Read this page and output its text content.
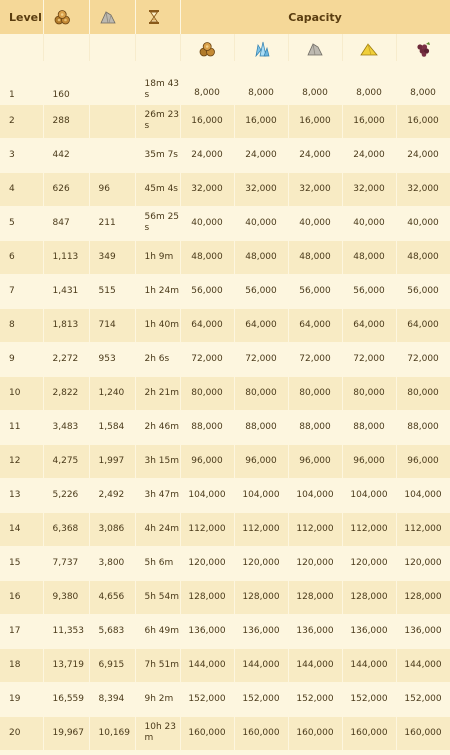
Level				Capacity				

1	160		18m 43s	8,000	8,000	8,000	8,000	8,000
2	288		26m 23s	16,000	16,000	16,000	16,000	16,000
3	442		35m 7s	24,000	24,000	24,000	24,000	24,000
4	626	96	45m 4s	32,000	32,000	32,000	32,000	32,000
5	847	211	56m 25s	40,000	40,000	40,000	40,000	40,000
6	1,113	349	1h 9m	48,000	48,000	48,000	48,000	48,000
7	1,431	515	1h 24m	56,000	56,000	56,000	56,000	56,000
8	1,813	714	1h 40m	64,000	64,000	64,000	64,000	64,000
9	2,272	953	2h 6s	72,000	72,000	72,000	72,000	72,000
10	2,822	1,240	2h 21m	80,000	80,000	80,000	80,000	80,000
11	3,483	1,584	2h 46m	88,000	88,000	88,000	88,000	88,000
12	4,275	1,997	3h 15m	96,000	96,000	96,000	96,000	96,000
13	5,226	2,492	3h 47m	104,000	104,000	104,000	104,000	104,000
14	6,368	3,086	4h 24m	112,000	112,000	112,000	112,000	112,000
15	7,737	3,800	5h 6m	120,000	120,000	120,000	120,000	120,000
16	9,380	4,656	5h 54m	128,000	128,000	128,000	128,000	128,000
17	11,353	5,683	6h 49m	136,000	136,000	136,000	136,000	136,000
18	13,719	6,915	7h 51m	144,000	144,000	144,000	144,000	144,000
19	16,559	8,394	9h 2m	152,000	152,000	152,000	152,000	152,000
20	19,967	10,169	10h 23m	160,000	160,000	160,000	160,000	160,000
